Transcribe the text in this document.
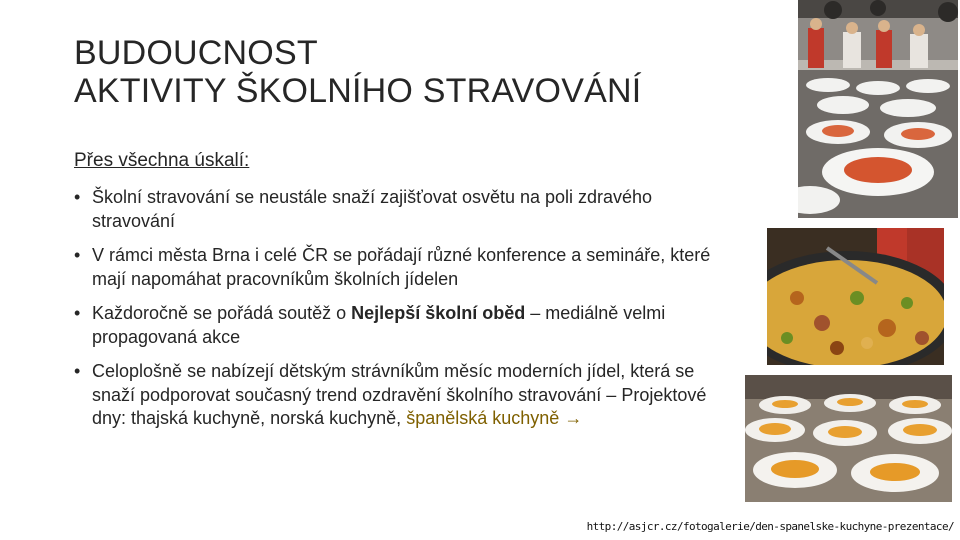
BUDOUCNOST
AKTIVITY ŠKOLNÍHO STRAVOVÁNÍ
Přes všechna úskalí:
• Školní stravování se neustále snaží zajišťovat osvětu na poli zdravého stravování
• V rámci města Brna i celé ČR se pořádají různé konference a semináře, které mají napomáhat pracovníkům školních jídelen
• Každoročně se pořádá soutěž o Nejlepší školní oběd – mediálně velmi propagovaná akce
• Celoplošně se nabízejí dětským strávníkům měsíc moderních jídel, která se snaží podporovat současný trend ozdravění školního stravování – Projektové dny: thajská kuchyně, norská kuchyně, španělská kuchyně →
http://asjcr.cz/fotogalerie/den-spanelske-kuchyne-prezentace/
